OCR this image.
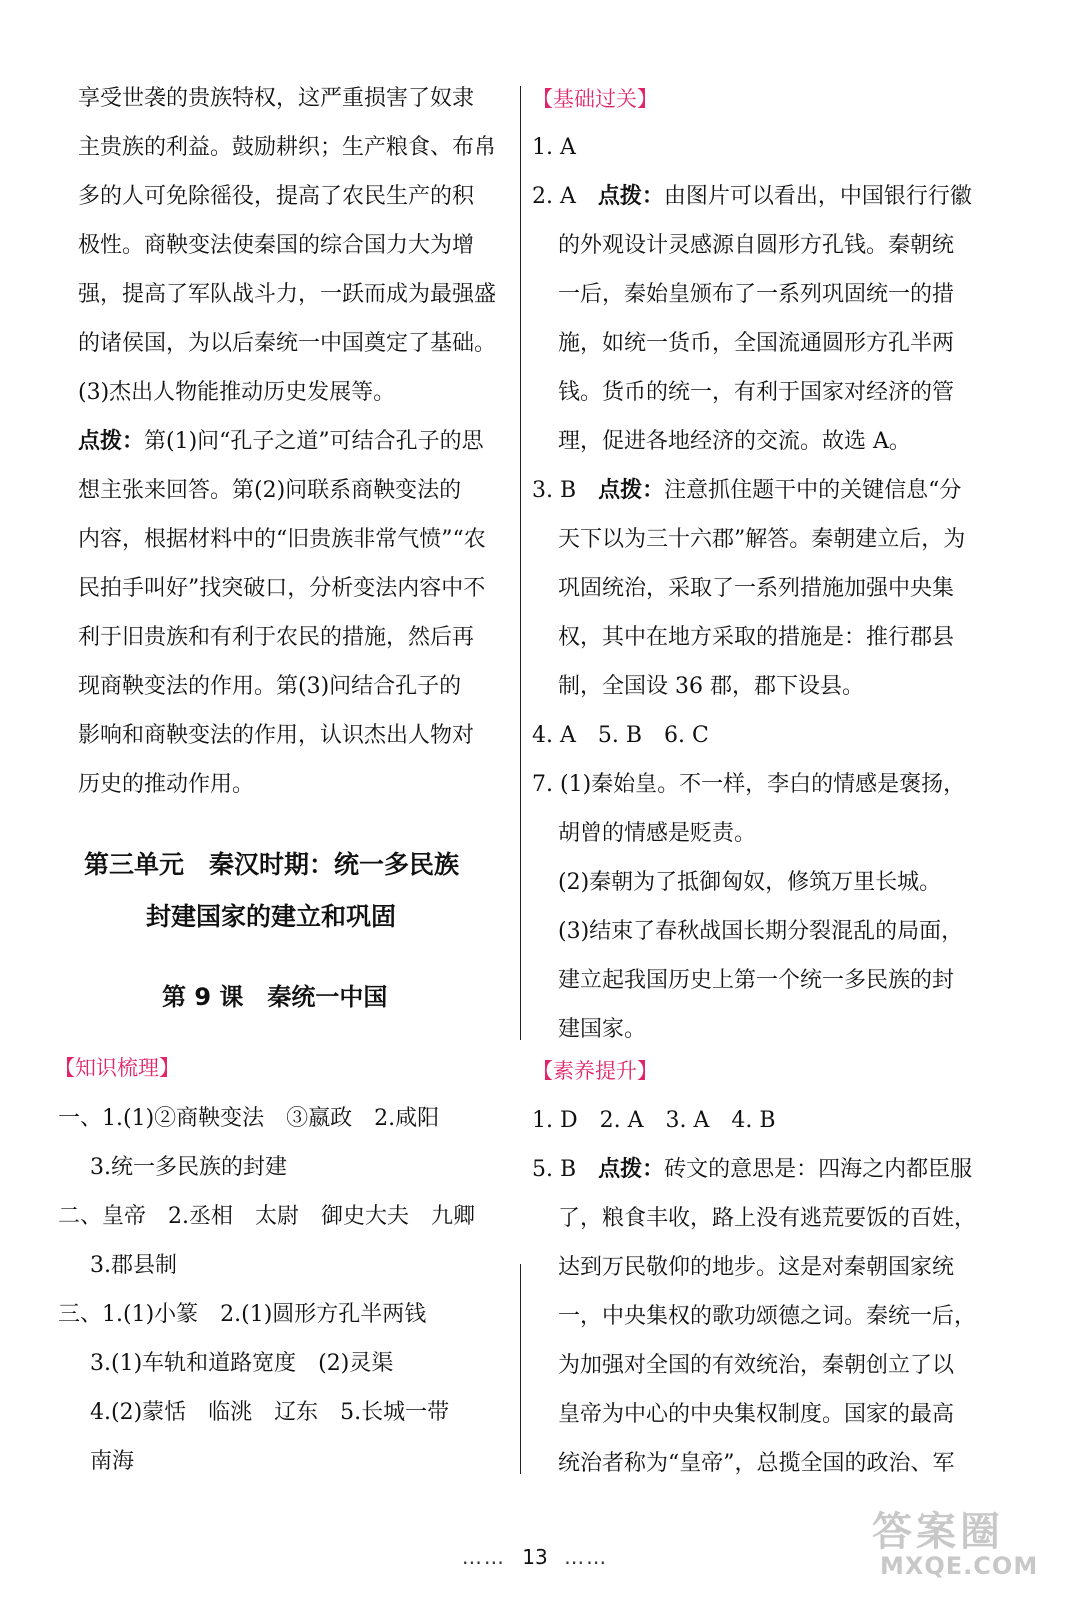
享受世袭的贵族特权，这严重损害了奴隶
主贵族的利益。鼓励耕织；生产粮食、布帛
多的人可免除徭役，提高了农民生产的积
极性。商鞅变法使秦国的综合国力大为增
强，提高了军队战斗力，一跃而成为最强盛
的诸侯国，为以后秦统一中国奠定了基础。
(3)杰出人物能推动历史发展等。
点拨：第(1)问“孔子之道”可结合孔子的思
想主张来回答。第(2)问联系商鞅变法的
内容，根据材料中的“旧贵族非常气愤”“农
民拍手叫好”找突破口，分析变法内容中不
利于旧贵族和有利于农民的措施，然后再
现商鞅变法的作用。第(3)问结合孔子的
影响和商鞅变法的作用，认识杰出人物对
历史的推动作用。
第三单元　秦汉时期：统一多民族
封建国家的建立和巩固
第 9 课　秦统一中国
【知识梳理】
一、1.(1)②商鞅变法　③嬴政　2.咸阳
3.统一多民族的封建
二、皇帝　2.丞相　太尉　御史大夫　九卿
3.郡县制
三、1.(1)小篆　2.(1)圆形方孔半两钱
3.(1)车轨和道路宽度　(2)灵渠
4.(2)蒙恬　临洮　辽东　5.长城一带
南海
【基础过关】
1. A
2. A　点拨：由图片可以看出，中国银行行徽
的外观设计灵感源自圆形方孔钱。秦朝统
一后，秦始皇颁布了一系列巩固统一的措
施，如统一货币，全国流通圆形方孔半两
钱。货币的统一，有利于国家对经济的管
理，促进各地经济的交流。故选 A。
3. B　点拨：注意抓住题干中的关键信息“分
天下以为三十六郡”解答。秦朝建立后，为
巩固统治，采取了一系列措施加强中央集
权，其中在地方采取的措施是：推行郡县
制，全国设 36 郡，郡下设县。
4. A　5. B　6. C
7. (1)秦始皇。不一样，李白的情感是褒扬，
胡曾的情感是贬责。
(2)秦朝为了抵御匈奴，修筑万里长城。
(3)结束了春秋战国长期分裂混乱的局面，
建立起我国历史上第一个统一多民族的封
建国家。
【素养提升】
1. D　2. A　3. A　4. B
5. B　点拨：砖文的意思是：四海之内都臣服
了，粮食丰收，路上没有逃荒要饭的百姓，
达到万民敬仰的地步。这是对秦朝国家统
一，中央集权的歌功颂德之词。秦统一后，
为加强对全国的有效统治，秦朝创立了以
皇帝为中心的中央集权制度。国家的最高
统治者称为“皇帝”，总揽全国的政治、军
…… 13 ……
答案圈
MXQE.COM
